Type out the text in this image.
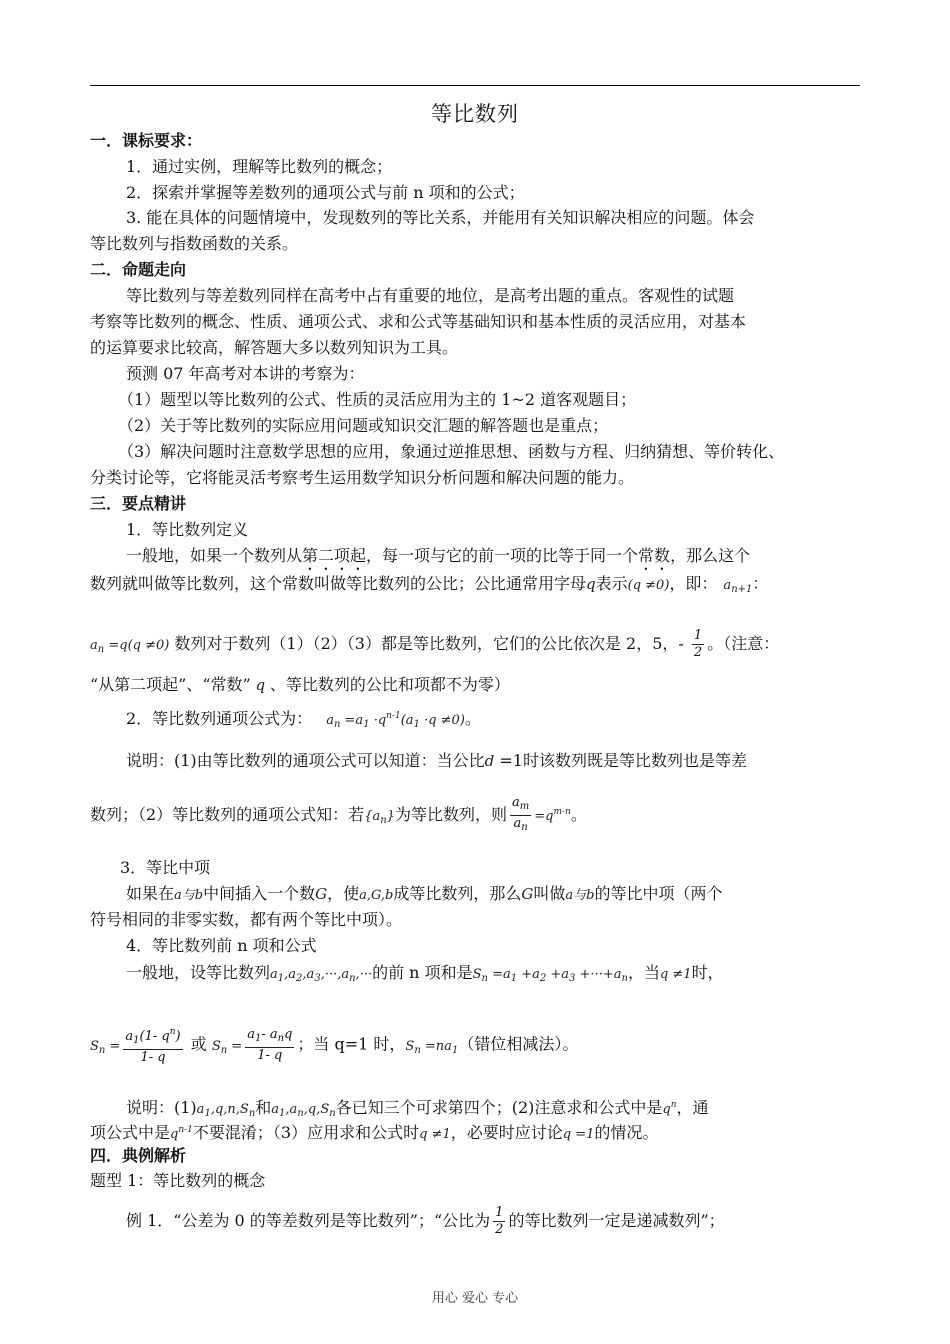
等比数列
一．课标要求：
1．通过实例，理解等比数列的概念；
2．探索并掌握等差数列的通项公式与前 n 项和的公式；
3. 能在具体的问题情境中，发现数列的等比关系，并能用有关知识解决相应的问题。体会
等比数列与指数函数的关系。
二．命题走向
等比数列与等差数列同样在高考中占有重要的地位，是高考出题的重点。客观性的试题
考察等比数列的概念、性质、通项公式、求和公式等基础知识和基本性质的灵活应用，对基本
的运算要求比较高，解答题大多以数列知识为工具。
预测 07 年高考对本讲的考察为：
（1）题型以等比数列的公式、性质的灵活应用为主的 1~2 道客观题目；
（2）关于等比数列的实际应用问题或知识交汇题的解答题也是重点；
（3）解决问题时注意数学思想的应用，象通过逆推思想、函数与方程、归纳猜想、等价转化、
分类讨论等，它将能灵活考察考生运用数学知识分析问题和解决问题的能力。
三．要点精讲
1．等比数列定义
一般地，如果一个数列从第二项起，每一项与它的前一项的比等于同一个常数，那么这个
数列就叫做等比数列，这个常数叫做等比数列的公比；公比通常用字母q表示(q ≠0)，即： $a_{n+1}$：
$a_n =q(q \ne 0)$ 数列对于数列（1）（2）（3）都是等比数列，它们的公比依次是 2，5，- $\frac{1}{2}$ 。（注意：
“从第二项起”、“常数” q 、等比数列的公比和项都不为零）
2．等比数列通项公式为： $a_n =a_1 \cdot q^{n-1}(a_1 \cdot q \ne 0)$。
说明：(1)由等比数列的通项公式可以知道：当公比d =1时该数列既是等比数列也是等差
数列；（2）等比数列的通项公式知：若$\{a_n\}$为等比数列，则 $\frac{a_m}{a_n} =q^{m-n}$。
3．等比中项
如果在a与b中间插入一个数G，使a,G,b成等比数列，那么G叫做a与b的等比中项（两个
符号相同的非零实数，都有两个等比中项）。
4．等比数列前 n 项和公式
一般地，设等比数列$a_1,a_2,a_3,\cdot\cdot\cdot,a_n,\cdot\cdot\cdot$的前 n 项和是$S_n =a_1 +a_2 +a_3 +\cdot\cdot\cdot+a_n$，当q ≠1时，
$S_n = \frac{a_1(1- q^n)}{1- q}$ 或 $S_n = \frac{a_1- a_nq}{1- q}$ ；当 q=1 时，$S_n =na_1$（错位相减法）。
说明：$(1)a_1,q,n,S_n$和$a_1,a_n,q,S_n$各已知三个可求第四个；(2)注意求和公式中是$q^n$，通
项公式中是$q^{n-1}$不要混淆；（3）应用求和公式时q ≠1，必要时应讨论q =1的情况。
四．典例解析
题型 1：等比数列的概念
例 1．“公差为 0 的等差数列是等比数列”；“公比为 $\frac{1}{2}$ 的等比数列一定是递减数列”；
用心 爱心 专心
